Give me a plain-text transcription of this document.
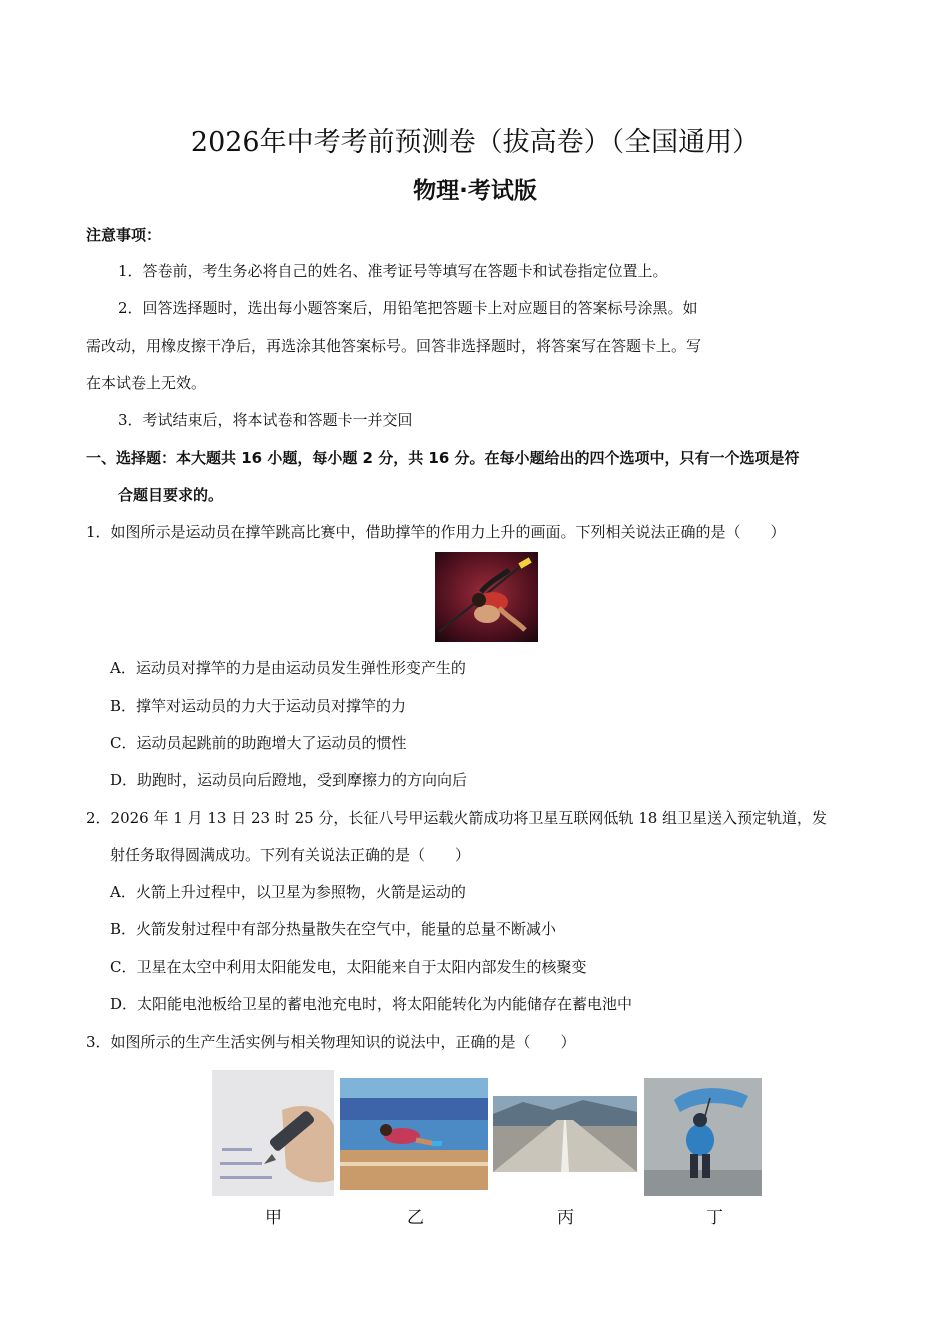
2026年中考考前预测卷（拔高卷）（全国通用）
物理·考试版
注意事项：
1．答卷前，考生务必将自己的姓名、准考证号等填写在答题卡和试卷指定位置上。
2．回答选择题时，选出每小题答案后，用铅笔把答题卡上对应题目的答案标号涂黑。如
需改动，用橡皮擦干净后，再选涂其他答案标号。回答非选择题时，将答案写在答题卡上。写
在本试卷上无效。
3．考试结束后，将本试卷和答题卡一并交回
一、选择题：本大题共 16 小题，每小题 2 分，共 16 分。在每小题给出的四个选项中，只有一个选项是符
合题目要求的。
1．如图所示是运动员在撑竿跳高比赛中，借助撑竿的作用力上升的画面。下列相关说法正确的是（　　）
A．运动员对撑竿的力是由运动员发生弹性形变产生的
B．撑竿对运动员的力大于运动员对撑竿的力
C．运动员起跳前的助跑增大了运动员的惯性
D．助跑时，运动员向后蹬地，受到摩擦力的方向向后
2．2026 年 1 月 13 日 23 时 25 分，长征八号甲运载火箭成功将卫星互联网低轨 18 组卫星送入预定轨道，发
射任务取得圆满成功。下列有关说法正确的是（　　）
A．火箭上升过程中，以卫星为参照物，火箭是运动的
B．火箭发射过程中有部分热量散失在空气中，能量的总量不断减小
C．卫星在太空中利用太阳能发电，太阳能来自于太阳内部发生的核聚变
D．太阳能电池板给卫星的蓄电池充电时，将太阳能转化为内能储存在蓄电池中
3．如图所示的生产生活实例与相关物理知识的说法中，正确的是（　　）
甲	乙	丙	丁
